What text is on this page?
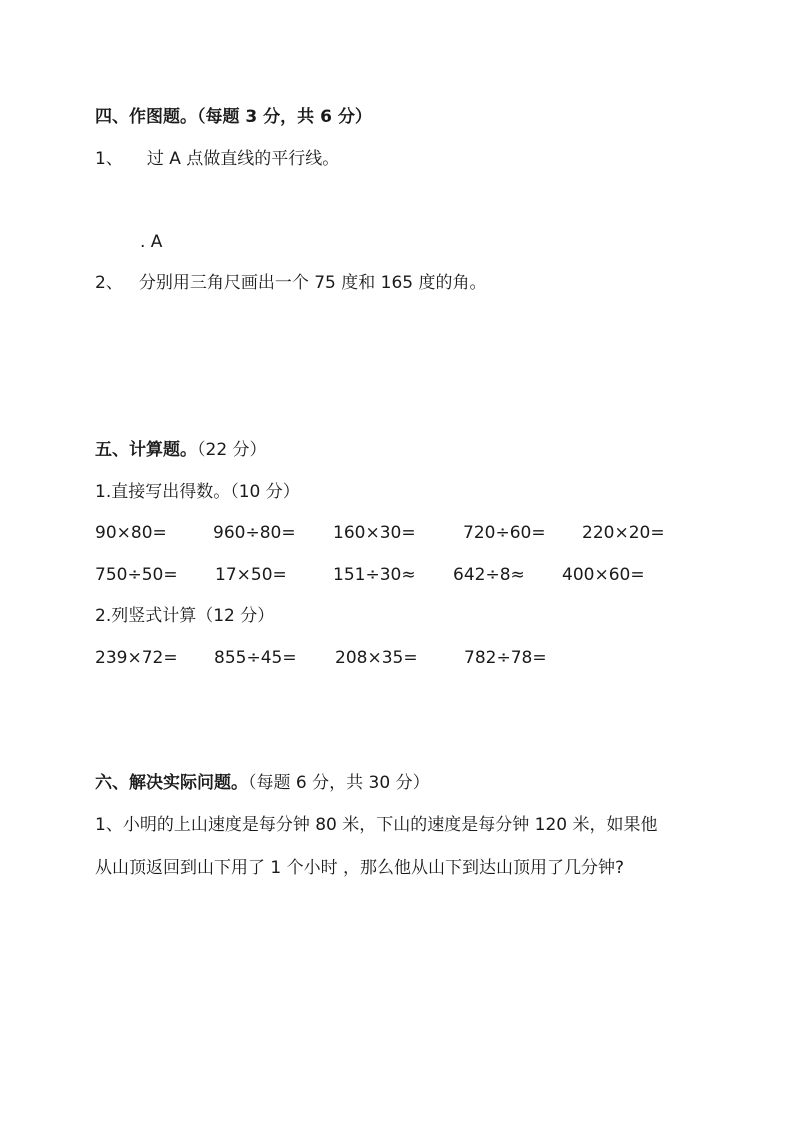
四、作图题。（每题 3 分，共 6 分）
1、 过 A 点做直线的平行线。
. A
2、 分别用三角尺画出一个 75 度和 165 度的角。
五、计算题。（22 分）
1.直接写出得数。（10 分）
90×80=	960÷80= 160×30=	720÷60= 220×20=
750÷50= 17×50=	151÷30≈ 642÷8≈ 400×60=
2.列竖式计算（12 分）
239×72= 855÷45= 208×35=	782÷78=
六、解决实际问题。（每题 6 分，共 30 分）
1、小明的上山速度是每分钟 80 米，下山的速度是每分钟 120 米，如果他
从山顶返回到山下用了 1 个小时 ，那么他从山下到达山顶用了几分钟?
